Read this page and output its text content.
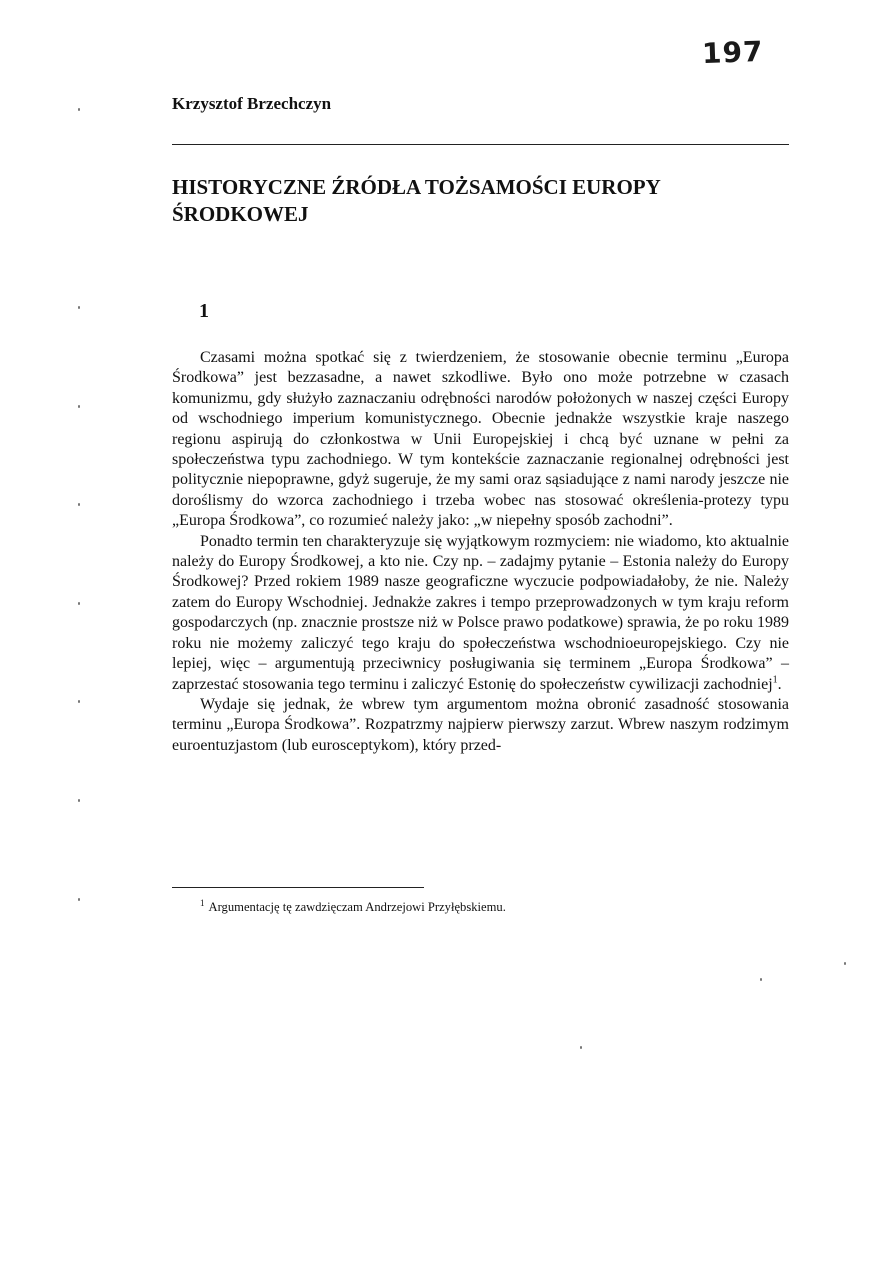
197
Krzysztof Brzechczyn
HISTORYCZNE ŹRÓDŁA TOŻSAMOŚCI EUROPY ŚRODKOWEJ
1

Czasami można spotkać się z twierdzeniem, że stosowanie obecnie terminu „Europa Środkowa” jest bezzasadne, a nawet szkodliwe. Było ono może potrzebne w czasach komunizmu, gdy służyło zaznaczaniu odrębności narodów położonych w naszej części Europy od wschodniego imperium komunistycznego. Obecnie jednakże wszystkie kraje naszego regionu aspirują do członkostwa w Unii Europejskiej i chcą być uznane w pełni za społeczeństwa typu zachodniego. W tym kontekście zaznaczanie regionalnej odrębności jest politycznie niepoprawne, gdyż sugeruje, że my sami oraz sąsiadujące z nami narody jeszcze nie doroślismy do wzorca zachodniego i trzeba wobec nas stosować określenia-protezy typu „Europa Środkowa”, co rozumieć należy jako: „w niepełny sposób zachodni”.

Ponadto termin ten charakteryzuje się wyjątkowym rozmyciem: nie wiadomo, kto aktualnie należy do Europy Środkowej, a kto nie. Czy np. – zadajmy pytanie – Estonia należy do Europy Środkowej? Przed rokiem 1989 nasze geograficzne wyczucie podpowiadałoby, że nie. Należy zatem do Europy Wschodniej. Jednakże zakres i tempo przeprowadzonych w tym kraju reform gospodarczych (np. znacznie prostsze niż w Polsce prawo podatkowe) sprawia, że po roku 1989 roku nie możemy zaliczyć tego kraju do społeczeństwa wschodnioeuropejskiego. Czy nie lepiej, więc – argumentują przeciwnicy posługiwania się terminem „Europa Środkowa” – zaprzestać stosowania tego terminu i zaliczyć Estonię do społeczeństw cywilizacji zachodniej$^1$.

Wydaje się jednak, że wbrew tym argumentom można obronić zasadność stosowania terminu „Europa Środkowa”. Rozpatrzmy najpierw pierwszy zarzut. Wbrew naszym rodzimym euroentuzjastom (lub eurosceptykom), który przed-

$^1$ Argumentację tę zawdzięczam Andrzejowi Przyłębskiemu.
